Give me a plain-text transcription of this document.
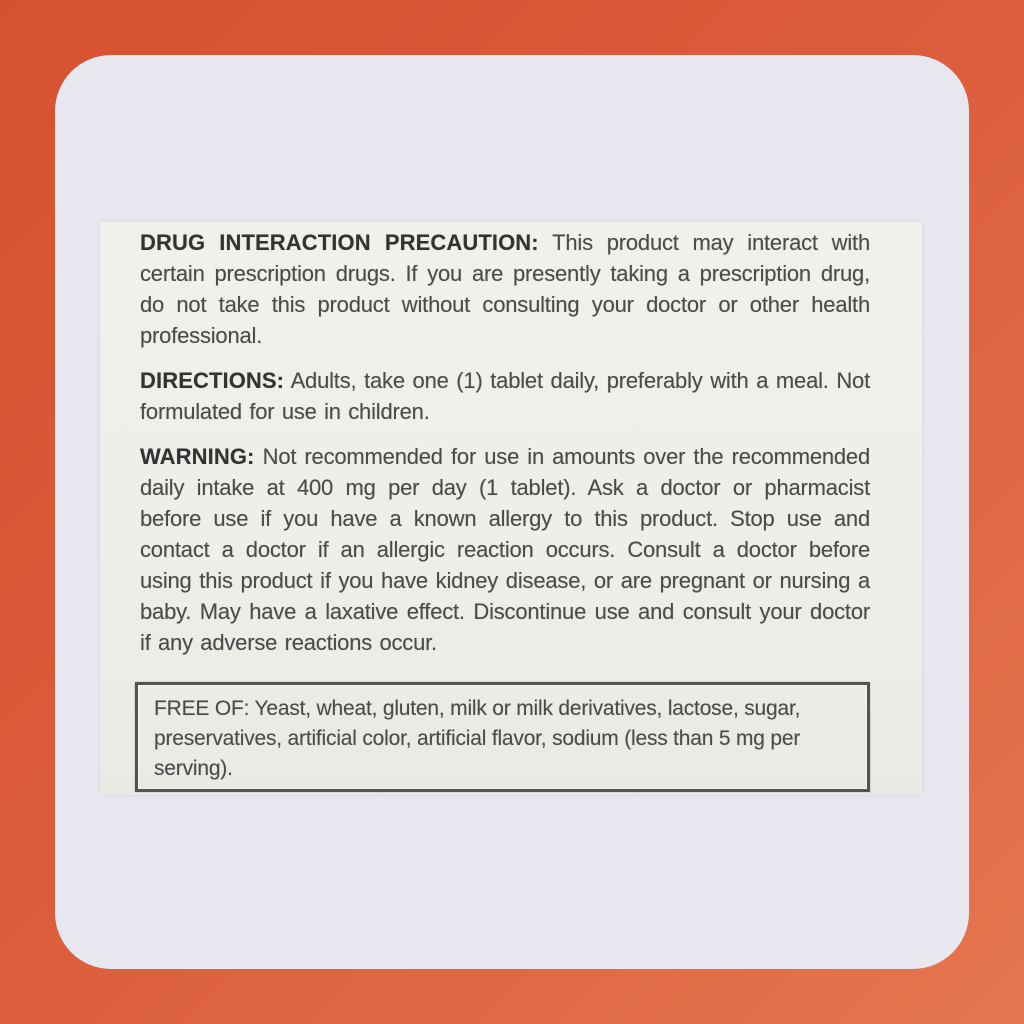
DRUG INTERACTION PRECAUTION: This product may interact with certain prescription drugs. If you are presently taking a prescription drug, do not take this product without consulting your doctor or other health professional.

DIRECTIONS: Adults, take one (1) tablet daily, preferably with a meal. Not formulated for use in children.

WARNING: Not recommended for use in amounts over the recommended daily intake at 400 mg per day (1 tablet). Ask a doctor or pharmacist before use if you have a known allergy to this product. Stop use and contact a doctor if an allergic reaction occurs. Consult a doctor before using this product if you have kidney disease, or are pregnant or nursing a baby. May have a laxative effect. Discontinue use and consult your doctor if any adverse reactions occur.

FREE OF: Yeast, wheat, gluten, milk or milk derivatives, lactose, sugar, preservatives, artificial color, artificial flavor, sodium (less than 5 mg per serving).
